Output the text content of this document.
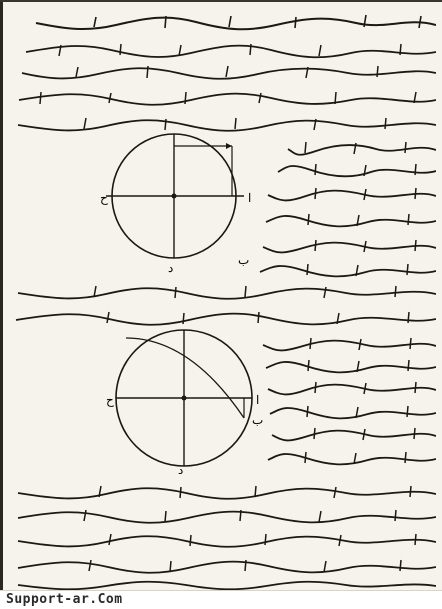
ح
ب
ا
د
ح
ب
ا
د
Support-ar.Com
